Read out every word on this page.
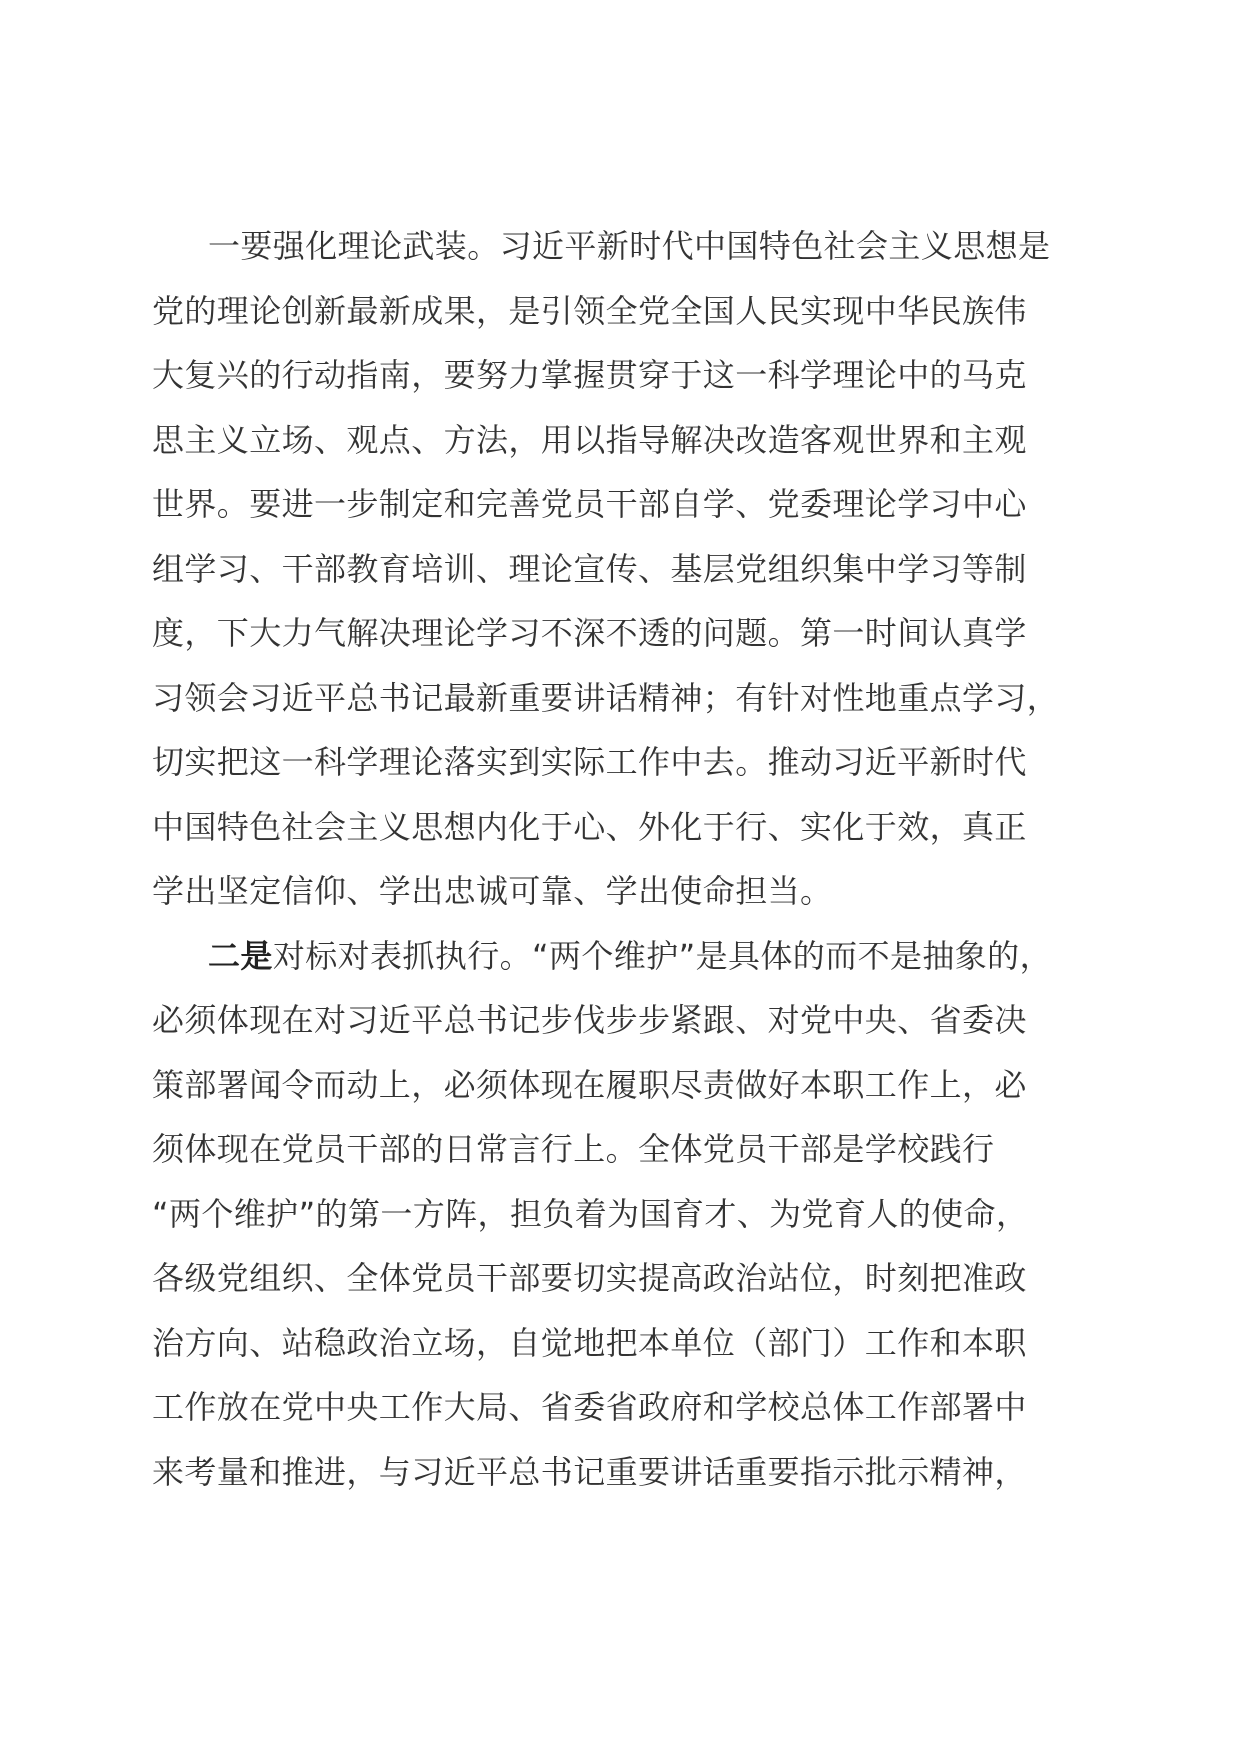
一要强化理论武装。习近平新时代中国特色社会主义思想是
党的理论创新最新成果，是引领全党全国人民实现中华民族伟
大复兴的行动指南，要努力掌握贯穿于这一科学理论中的马克
思主义立场、观点、方法，用以指导解决改造客观世界和主观
世界。要进一步制定和完善党员干部自学、党委理论学习中心
组学习、干部教育培训、理论宣传、基层党组织集中学习等制
度，下大力气解决理论学习不深不透的问题。第一时间认真学
习领会习近平总书记最新重要讲话精神；有针对性地重点学习，
切实把这一科学理论落实到实际工作中去。推动习近平新时代
中国特色社会主义思想内化于心、外化于行、实化于效，真正
学出坚定信仰、学出忠诚可靠、学出使命担当。
二是对标对表抓执行。“两个维护”是具体的而不是抽象的，
必须体现在对习近平总书记步伐步步紧跟、对党中央、省委决
策部署闻令而动上，必须体现在履职尽责做好本职工作上，必
须体现在党员干部的日常言行上。全体党员干部是学校践行
“两个维护”的第一方阵，担负着为国育才、为党育人的使命，
各级党组织、全体党员干部要切实提高政治站位，时刻把准政
治方向、站稳政治立场，自觉地把本单位（部门）工作和本职
工作放在党中央工作大局、省委省政府和学校总体工作部署中
来考量和推进，与习近平总书记重要讲话重要指示批示精神，
